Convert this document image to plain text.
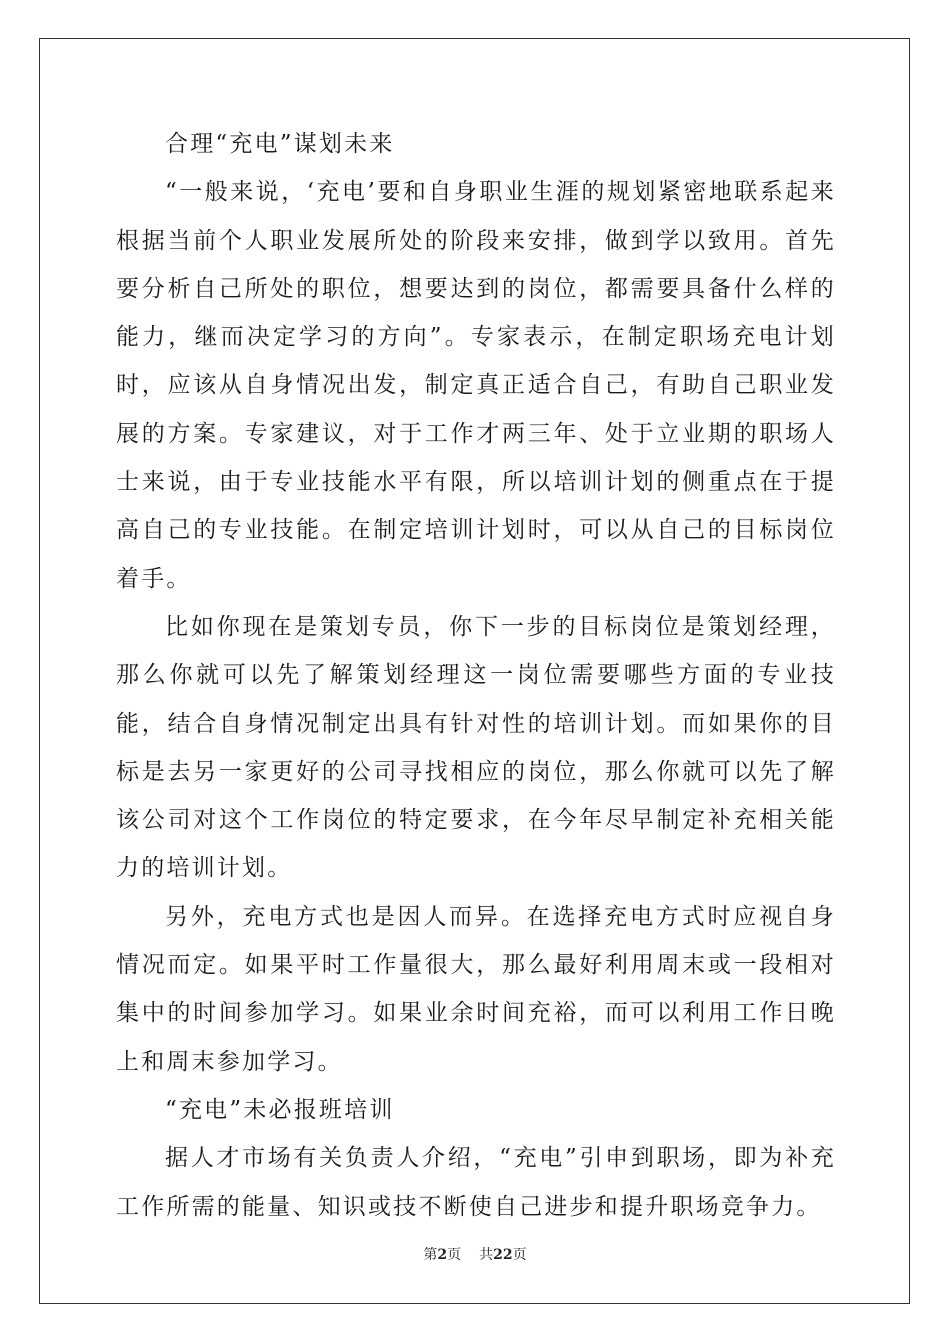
合理“充电”谋划未来

“一般来说，‘充电’要和自身职业生涯的规划紧密地联系起来根据当前个人职业发展所处的阶段来安排，做到学以致用。首先要分析自己所处的职位，想要达到的岗位，都需要具备什么样的能力，继而决定学习的方向”。专家表示，在制定职场充电计划时，应该从自身情况出发，制定真正适合自己，有助自己职业发展的方案。专家建议，对于工作才两三年、处于立业期的职场人士来说，由于专业技能水平有限，所以培训计划的侧重点在于提高自己的专业技能。在制定培训计划时，可以从自己的目标岗位着手。

比如你现在是策划专员，你下一步的目标岗位是策划经理，那么你就可以先了解策划经理这一岗位需要哪些方面的专业技能，结合自身情况制定出具有针对性的培训计划。而如果你的目标是去另一家更好的公司寻找相应的岗位，那么你就可以先了解该公司对这个工作岗位的特定要求，在今年尽早制定补充相关能力的培训计划。

另外，充电方式也是因人而异。在选择充电方式时应视自身情况而定。如果平时工作量很大，那么最好利用周末或一段相对集中的时间参加学习。如果业余时间充裕，而可以利用工作日晚上和周末参加学习。

“充电”未必报班培训

据人才市场有关负责人介绍，“充电”引申到职场，即为补充工作所需的能量、知识或技不断使自己进步和提升职场竞争力。

第2页 共22页
